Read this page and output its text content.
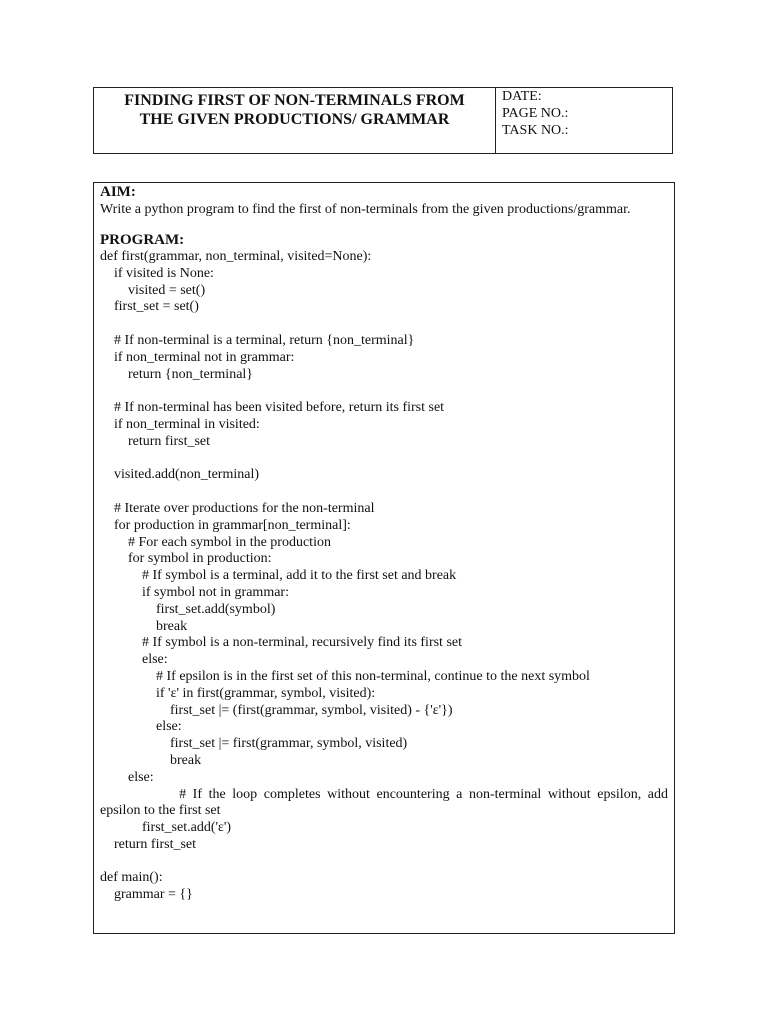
FINDING FIRST OF NON-TERMINALS FROM
THE GIVEN PRODUCTIONS/ GRAMMAR
DATE:
PAGE NO.:
TASK NO.:
AIM:

Write a python program to find the first of non-terminals from the given productions/grammar.

PROGRAM:
def first(grammar, non_terminal, visited=None):
if visited is None:
visited = set()
first_set = set()
# If non-terminal is a terminal, return {non_terminal}
if non_terminal not in grammar:
return {non_terminal}
# If non-terminal has been visited before, return its first set
if non_terminal in visited:
return first_set
visited.add(non_terminal)
# Iterate over productions for the non-terminal
for production in grammar[non_terminal]:
# For each symbol in the production
for symbol in production:
# If symbol is a terminal, add it to the first set and break
if symbol not in grammar:
first_set.add(symbol)
break
# If symbol is a non-terminal, recursively find its first set
else:
# If epsilon is in the first set of this non-terminal, continue to the next symbol
if 'ε' in first(grammar, symbol, visited):
first_set |= (first(grammar, symbol, visited) - {'ε'})
else:
first_set |= first(grammar, symbol, visited)
break
else:
# If the loop completes without encountering a non-terminal without epsilon, add
epsilon to the first set
first_set.add('ε')
return first_set
def main():
grammar = {}
